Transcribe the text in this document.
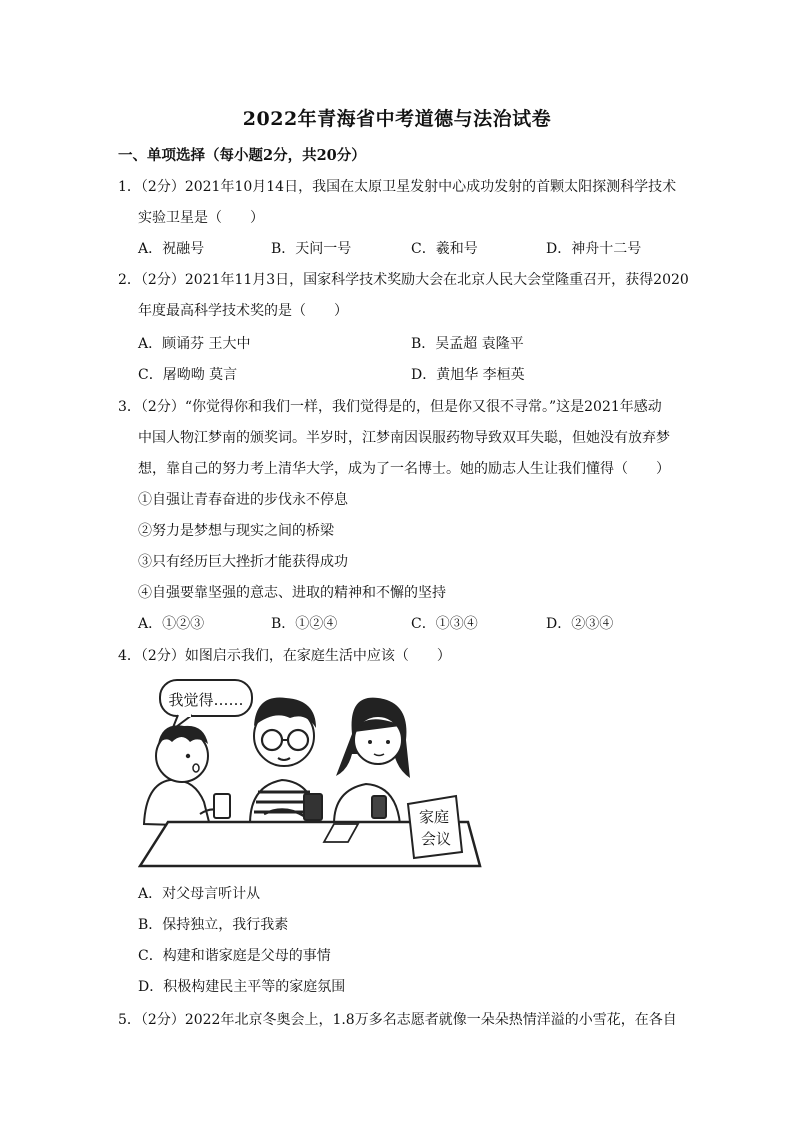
2022年青海省中考道德与法治试卷
一、单项选择（每小题2分，共20分）
1．（2分）2021年10月14日，我国在太原卫星发射中心成功发射的首颗太阳探测科学技术
实验卫星是（　　）
A．祝融号	B．天问一号	C．羲和号	D．神舟十二号
2．（2分）2021年11月3日，国家科学技术奖励大会在北京人民大会堂隆重召开，获得2020
年度最高科学技术奖的是（　　）
A．顾诵芬 王大中	B．吴孟超 袁隆平
C．屠呦呦 莫言	D．黄旭华 李桓英
3．（2分）“你觉得你和我们一样，我们觉得是的，但是你又很不寻常。”这是2021年感动
中国人物江梦南的颁奖词。半岁时，江梦南因误服药物导致双耳失聪，但她没有放弃梦
想，靠自己的努力考上清华大学，成为了一名博士。她的励志人生让我们懂得（　　）
①自强让青春奋进的步伐永不停息
②努力是梦想与现实之间的桥梁
③只有经历巨大挫折才能获得成功
④自强要靠坚强的意志、进取的精神和不懈的坚持
A．①②③	B．①②④	C．①③④	D．②③④
4．（2分）如图启示我们，在家庭生活中应该（　　）
我觉得……
家庭
会议
A．对父母言听计从
B．保持独立，我行我素
C．构建和谐家庭是父母的事情
D．积极构建民主平等的家庭氛围
5．（2分）2022年北京冬奥会上，1.8万多名志愿者就像一朵朵热情洋溢的小雪花，在各自
